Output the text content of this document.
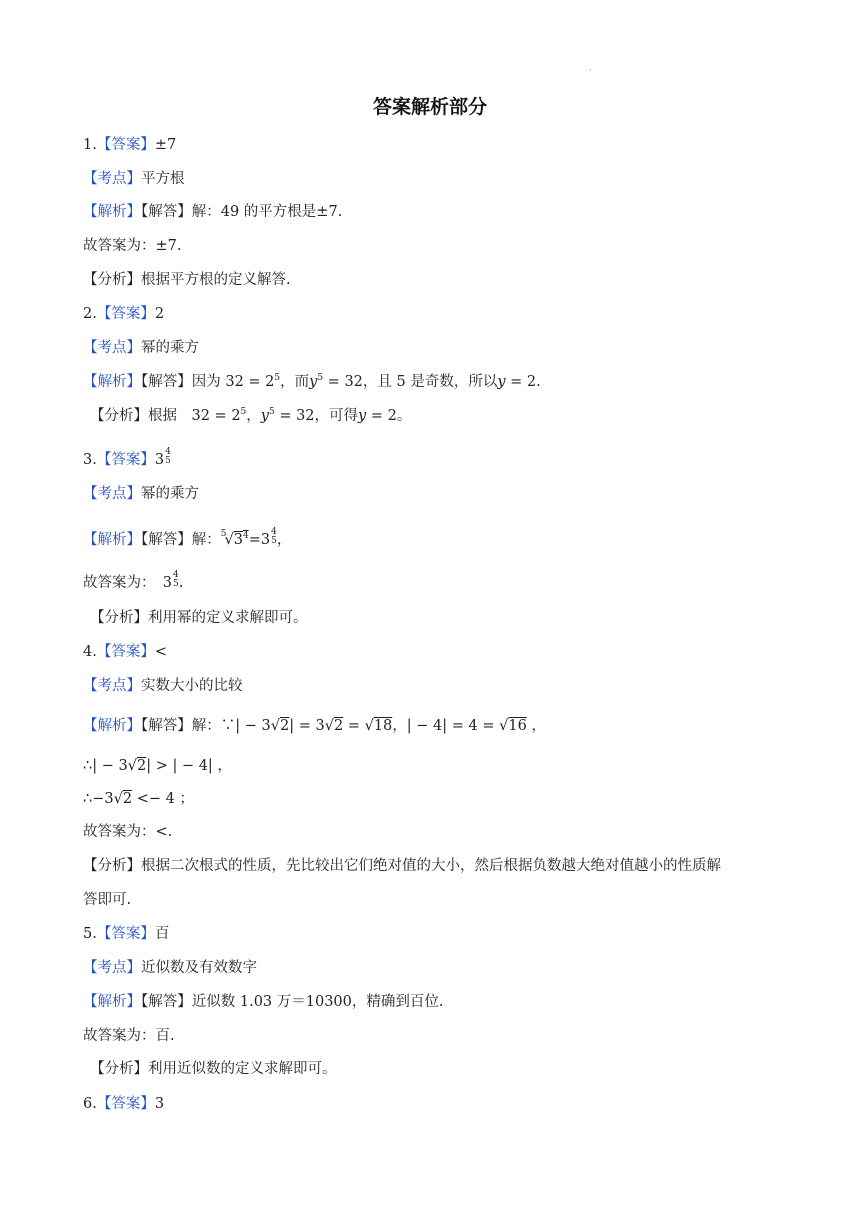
·
答案解析部分
1.【答案】±7
【考点】平方根
【解析】【解答】解：49 的平方根是±7.
故答案为：±7.
【分析】根据平方根的定义解答.
2.【答案】2
【考点】幂的乘方
【解析】【解答】因为 $32 = 2^5$，而$y^5 = 32$，且 5 是奇数，所以y = 2.
【分析】根据　$32 = 2^5$，$y^5 = 32$，可得y = 2。
3.【答案】3 4
5
【考点】幂的乘方
【解析】【解答】解：$^5√3^4=3$ 4
5 ，
故答案为：　3 4
5 .
【分析】利用幂的定义求解即可。
4.【答案】<
【考点】实数大小的比较
【解析】【解答】解：∵| − 3√2| = 3√2 = √18，| − 4| = 4 = √16 ，
∴| − 3√2| > | − 4| ，
∴−3√2 <− 4 ；
故答案为：<.
【分析】根据二次根式的性质，先比较出它们绝对值的大小，然后根据负数越大绝对值越小的性质解
答即可.
5.【答案】百
【考点】近似数及有效数字
【解析】【解答】近似数 1.03 万＝10300，精确到百位.
故答案为：百.
【分析】利用近似数的定义求解即可。
6.【答案】3
